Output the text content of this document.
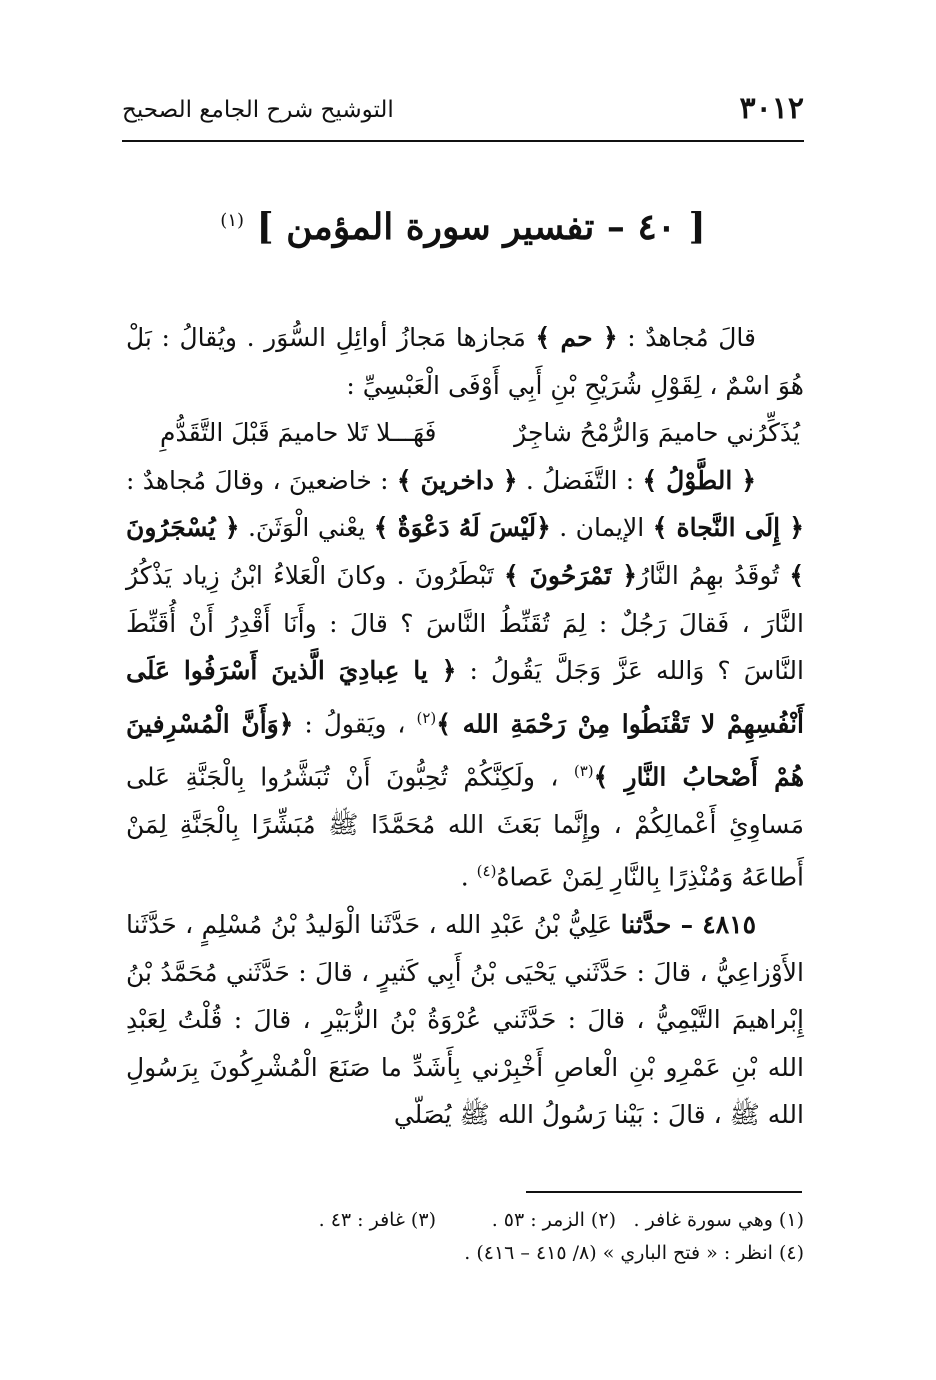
٣٠١٢
التوشيح شرح الجامع الصحيح
[ ٤٠ – تفسير سورة المؤمن ] $^{(١)}$

قالَ مُجاهدٌ : ﴿ حم ﴾ مَجازها مَجازُ أوائِلِ السُّوَر . ويُقالُ : بَلْ هُوَ اسْمٌ ، لِقَوْلِ شُرَيْحِ بْنِ أَبِي أَوْفَى الْعَبْسِيِّ :

يُذَكِّرُني حاميمَ وَالرُّمْحُ شاجِرٌ
فَهَـــلا تَلا حاميمَ قَبْلَ التَّقَدُّمِ

﴿ الطَّوْلُ ﴾ : التَّفَضلُ . ﴿ داخرينَ ﴾ : خاضعينَ ، وقالَ مُجاهدٌ : ﴿ إِلَى النَّجاة ﴾ الإيمان . ﴿لَيْسَ لَهُ دَعْوَةٌ ﴾ يعْني الْوَثَنَ. ﴿ يُسْجَرُونَ ﴾ تُوقَدُ بهِمُ النَّارُ﴿ تَمْرَحُونَ ﴾ تَبْطَرُونَ . وكانَ الْعَلاءُ ابْنُ زِياد يَذْكُرُ النَّارَ ، فَقالَ رَجُلٌ : لِمَ تُقَنِّطُ النَّاسَ ؟ قالَ : وأَنَا أَقْدِرُ أَنْ أُقَنِّطَ النَّاسَ ؟ وَالله عَزَّ وَجَلَّ يَقُولُ : ﴿ يا عِبادِيَ الَّذينَ أَسْرَفُوا عَلَى أَنْفُسِهِمْ لا تَقْنَطُوا مِنْ رَحْمَةِ الله ﴾$^{(٢)}$ ، ويَقولُ : ﴿وَأَنَّ الْمُسْرِفينَ هُمْ أَصْحابُ النَّارِ ﴾$^{(٣)}$ ، ولَكِنَّكُمْ تُحِبُّونَ أَنْ تُبَشَّرُوا بِالْجَنَّةِ عَلى مَساوِئِ أَعْمالِكُمْ ، وإِنَّما بَعَثَ الله مُحَمَّدًا ﷺ مُبَشِّرًا بِالْجَنَّةِ لِمَنْ أَطاعَهُ وَمُنْذِرًا بِالنَّارِ لِمَنْ عَصاهُ$^{(٤)}$ .

٤٨١٥ – حدَّثنا عَلِيُّ بْنُ عَبْدِ الله ، حَدَّثَنا الْوَليدُ بْنُ مُسْلِمٍ ، حَدَّثَنا الأَوْزاعِيُّ ، قالَ : حَدَّثَني يَحْيَى بْنُ أَبِي كَثيرٍ ، قالَ : حَدَّثَني مُحَمَّدُ بْنُ إِبْراهيمَ التَّيْمِيُّ ، قالَ : حَدَّثَني عُرْوَةُ بْنُ الزُّبَيْرِ ، قالَ : قُلْتُ لِعَبْدِ الله بْنِ عَمْرِو بْنِ الْعاصِ أَخْبِرْني بِأَشَدِّ ما صَنَعَ الْمُشْرِكُونَ بِرَسُولِ الله ﷺ ، قالَ : بَيْنا رَسُولُ الله ﷺ يُصَلّي

(١) وهي سورة غافر .
(٢) الزمر : ٥٣ .
(٣) غافر : ٤٣ .
(٤) انظر : « فتح الباري » (٨/ ٤١٥ – ٤١٦) .
